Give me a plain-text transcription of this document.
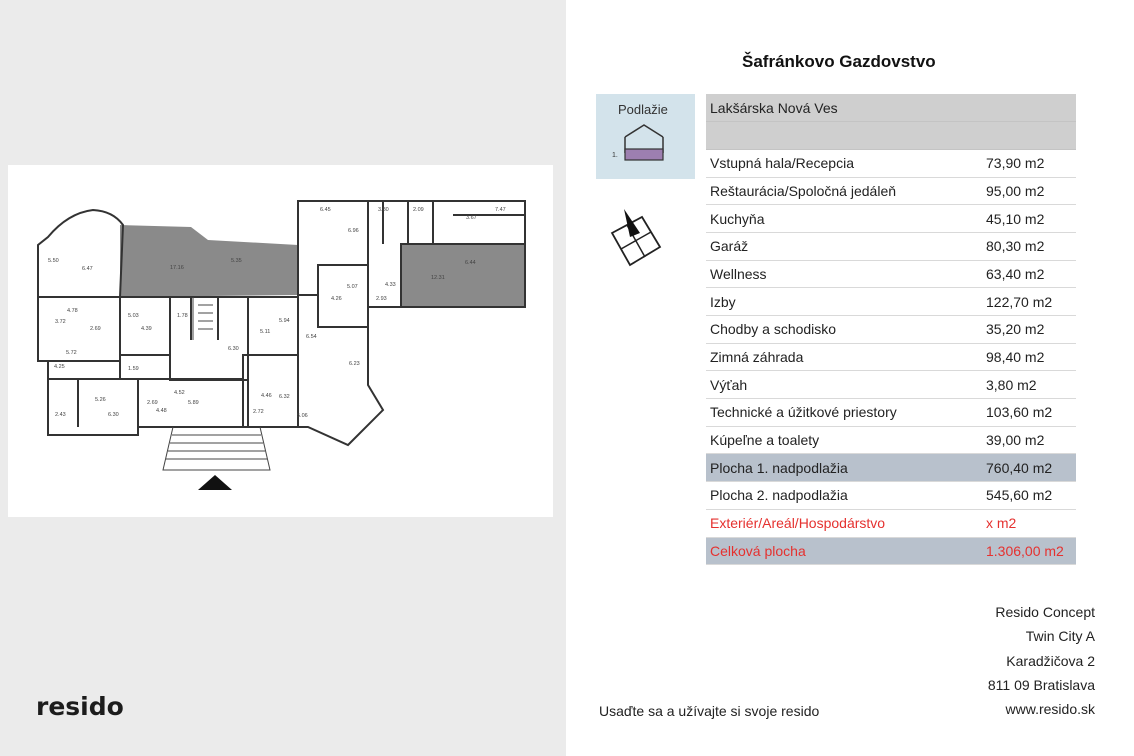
5.50
6.47	17.16
5.35
6.45
6.96
3.80	2.09
3.67
7.47
6.44
12.31
4.78
3.72
5.72
4.25
5.03
4.39
1.78
6.30
5.94
5.11
5.07
4.26
4.33
2.93
6.54
6.23
1.59
5.26
6.30
2.43
2.69
4.52
4.48
5.89
4.46
2.72
6.32
5.06
2.69
resido
Šafránkovo Gazdovstvo
Podlažie
1.
Lakšárska Nová Ves	

Vstupná hala/Recepcia	73,90 m2
Reštaurácia/Spoločná jedáleň	95,00 m2
Kuchyňa	45,10 m2
Garáž	80,30 m2
Wellness	63,40 m2
Izby	122,70 m2
Chodby a schodisko	35,20 m2
Zimná záhrada	98,40 m2
Výťah	3,80 m2
Technické a úžitkové priestory	103,60 m2
Kúpeľne a toalety	39,00 m2
Plocha 1. nadpodlažia	760,40 m2
Plocha 2. nadpodlažia	545,60 m2
Exteriér/Areál/Hospodárstvo	x m2
Celková plocha	1.306,00 m2
Usaďte sa a užívajte si svoje resido
Resido Concept
Twin City A
Karadžičova 2
811 09 Bratislava
www.resido.sk
